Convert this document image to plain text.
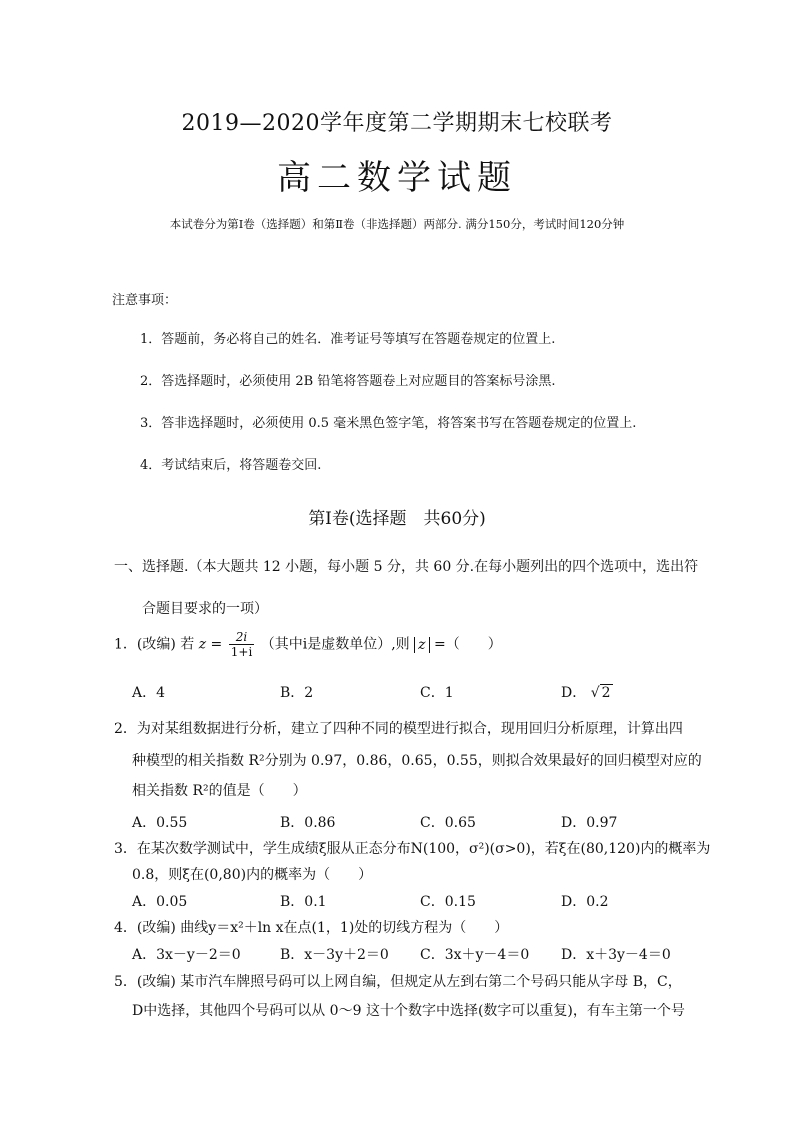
2019—2020学年度第二学期期末七校联考
高二数学试题
本试卷分为第Ⅰ卷（选择题）和第Ⅱ卷（非选择题）两部分. 满分150分，考试时间120分钟
注意事项：
1．答题前，务必将自己的姓名．准考证号等填写在答题卷规定的位置上.
2．答选择题时，必须使用 2B 铅笔将答题卷上对应题目的答案标号涂黑.
3．答非选择题时，必须使用 0.5 毫米黑色签字笔，将答案书写在答题卷规定的位置上.
4．考试结束后，将答题卷交回.
第Ⅰ卷(选择题　共60分)
一、选择题.（本大题共 12 小题，每小题 5 分，共 60 分.在每小题列出的四个选项中，选出符
合题目要求的一项）
1．(改编) 若 $z = \frac{2i}{1+i}$ （其中i是虚数单位）,则 z =（　　）
A．4	B．2	C．1	D． √ 2
2．为对某组数据进行分析，建立了四种不同的模型进行拟合，现用回归分析原理，计算出四
种模型的相关指数 R²分别为 0.97，0.86，0.65，0.55，则拟合效果最好的回归模型对应的
相关指数 R²的值是（　　）
A．0.55	B．0.86	C．0.65	D．0.97
3．在某次数学测试中，学生成绩ξ服从正态分布N(100，σ²)(σ>0)，若ξ在(80,120)内的概率为
0.8，则ξ在(0,80)内的概率为（　　）
A．0.05	B．0.1	C．0.15	D．0.2
4．(改编) 曲线y＝x²＋ln x在点(1，1)处的切线方程为（　　）
A．3x－y－2＝0	B．x－3y＋2＝0 C．3x＋y－4＝0 D．x＋3y－4＝0
5．(改编) 某市汽车牌照号码可以上网自编，但规定从左到右第二个号码只能从字母 B，C，
D中选择，其他四个号码可以从 0～9 这十个数字中选择(数字可以重复)，有车主第一个号
